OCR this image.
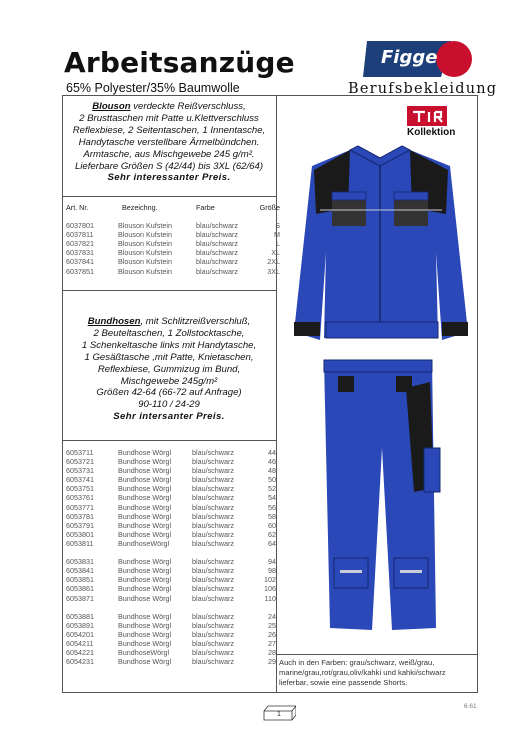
Arbeitsanzüge
65% Polyester/35% Baumwolle
Figge
Berufsbekleidung
Blouson verdeckte Reißverschluss,
2 Brusttaschen mit Patte u.Klettverschluss
Reflexbiese, 2 Seitentaschen, 1 Innentasche,
Handytasche verstellbare Ärmelbündchen.
Armtasche, aus Mischgewebe 245 g/m².
Lieferbare Größen S (42/44) bis 3XL (62/64)
Sehr interessanter Preis.
Art. Nr.	Bezeichng.	Farbe	Größe

6037801	Blouson Kufstein	blau/schwarz	S
6037811	Blouson Kufstein	blau/schwarz	M
6037821	Blouson Kufstein	blau/schwarz	L
6037831	Blouson Kufstein	blau/schwarz	XL
6037841	Blouson Kufstein	blau/schwarz	2XL
6037851	Blouson Kufstein	blau/schwarz	3XL
Bundhosen, mit Schlitzreißverschluß,
2 Beuteltaschen, 1 Zollstocktasche,
1 Schenkeltasche links mit Handytasche,
1 Gesäßtasche ,mit Patte, Knietaschen,
Reflexbiese, Gummizug im Bund,
Mischgewebe 245g/m²
Größen 42-64 (66-72 auf Anfrage)
90-110 / 24-29
Sehr intersanter Preis.
6053711	Bundhose Wörgl	blau/schwarz	44
6053721	Bundhose Wörgl	blau/schwarz	46
6053731	Bundhose Wörgl	blau/schwarz	48
6053741	Bundhose Wörgl	blau/schwarz	50
6053751	Bundhose Wörgl	blau/schwarz	52
6053761	Bundhose Wörgl	blau/schwarz	54
6053771	Bundhose Wörgl	blau/schwarz	56
6053781	Bundhose Wörgl	blau/schwarz	58
6053791	Bundhose Wörgl	blau/schwarz	60
6053801	Bundhose Wörgl	blau/schwarz	62
6053811	BundhoseWörgl	blau/schwarz	64

6053831	Bundhose Wörgl	blau/schwarz	94
6053841	Bundhose Wörgl	blau/schwarz	98
6053851	Bundhose Wörgl	blau/schwarz	102
6053861	Bundhose Wörgl	blau/schwarz	106
6053871	Bundhose Wörgl	blau/schwarz	110

6053881	Bundhose Wörgl	blau/schwarz	24
6053891	Bundhose Wörgl	blau/schwarz	25
6054201	Bundhose Wörgl	blau/schwarz	26
6054211	Bundhose Wörgl	blau/schwarz	27
6054221	BundhoseWörgl	blau/schwarz	28
6054231	Bundhose Wörgl	blau/schwarz	29
Kollektion
Auch in den Farben: grau/schwarz, weiß/grau,
marine/grau,rot/grau,oliv/kahki und kahki/schwarz
lieferbar, sowie eine passende Shorts.
6.61
1
